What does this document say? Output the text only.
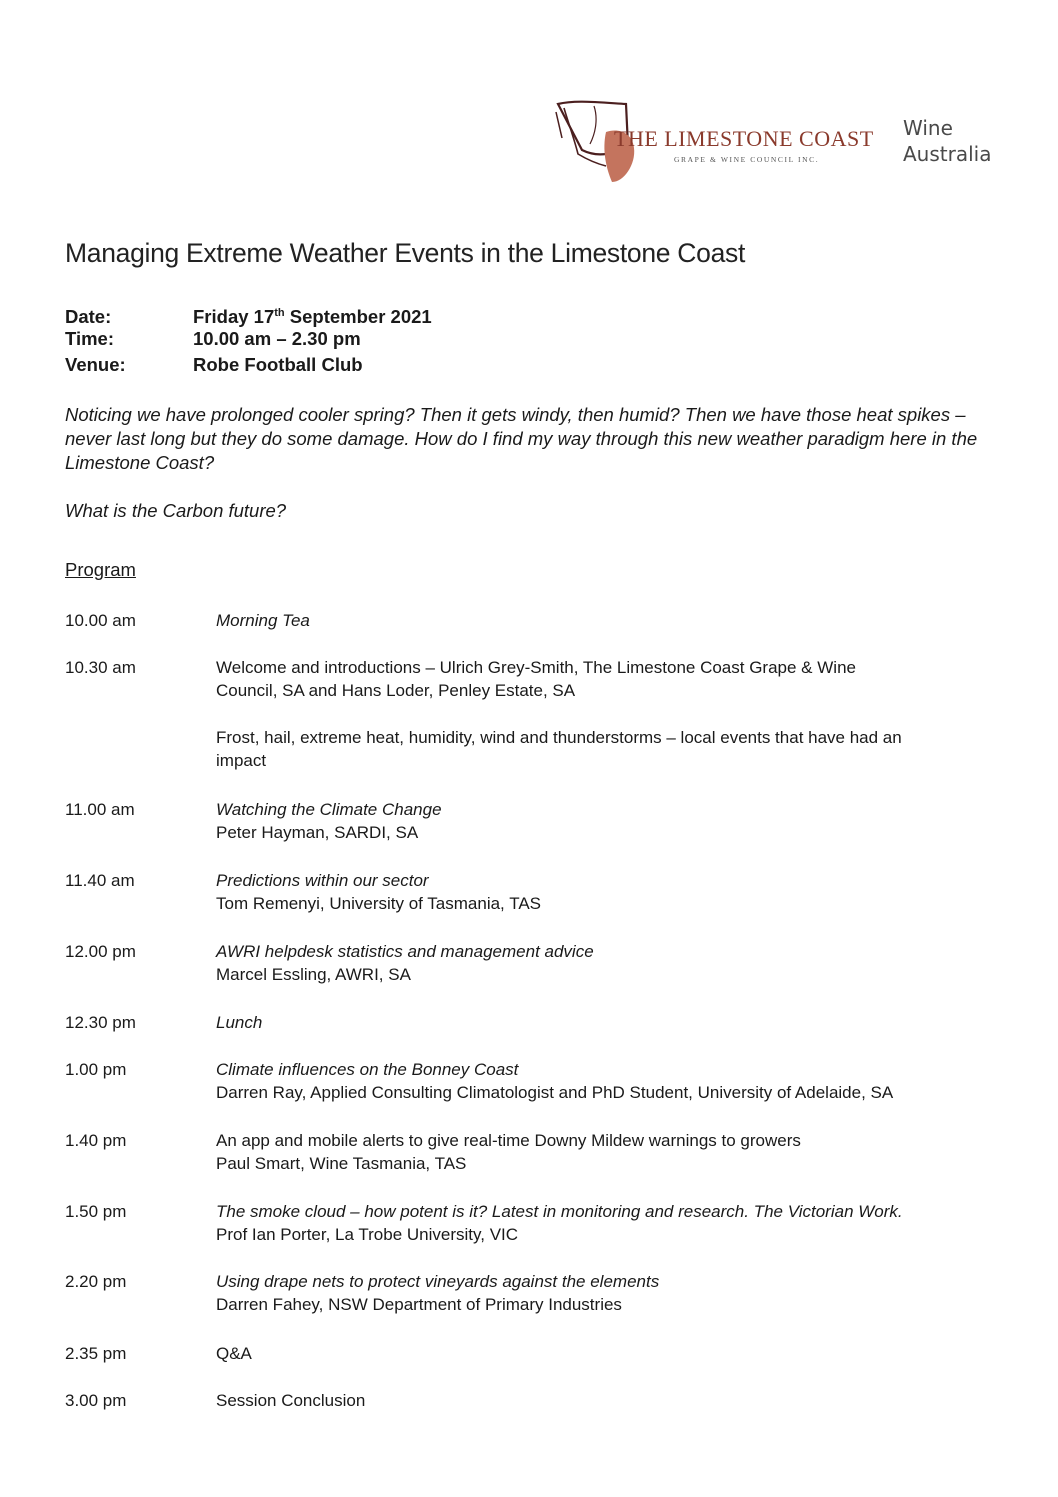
THE LIMESTONE COAST
GRAPE & WINE COUNCIL INC.
Wine
Australia
Managing Extreme Weather Events in the Limestone Coast
Date:	Friday 17th September 2021
Time:	10.00 am – 2.30 pm
Venue:	Robe Football Club

Noticing we have prolonged cooler spring? Then it gets windy, then humid? Then we have those heat spikes – never last long but they do some damage. How do I find my way through this new weather paradigm here in the Limestone Coast?

What is the Carbon future?

Program
10.00 am	Morning Tea
10.30 am	Welcome and introductions – Ulrich Grey-Smith, The Limestone Coast Grape & Wine
Council, SA and Hans Loder, Penley Estate, SA
Frost, hail, extreme heat, humidity, wind and thunderstorms – local events that have had an
impact
11.00 am	Watching the Climate Change
Peter Hayman, SARDI, SA
11.40 am	Predictions within our sector
Tom Remenyi, University of Tasmania, TAS
12.00 pm	AWRI helpdesk statistics and management advice
Marcel Essling, AWRI, SA
12.30 pm	Lunch
1.00 pm	Climate influences on the Bonney Coast
Darren Ray, Applied Consulting Climatologist and PhD Student, University of Adelaide, SA
1.40 pm	An app and mobile alerts to give real-time Downy Mildew warnings to growers
Paul Smart, Wine Tasmania, TAS
1.50 pm	The smoke cloud – how potent is it? Latest in monitoring and research. The Victorian Work.
Prof Ian Porter, La Trobe University, VIC
2.20 pm	Using drape nets to protect vineyards against the elements
Darren Fahey, NSW Department of Primary Industries
2.35 pm	Q&A
3.00 pm	Session Conclusion
